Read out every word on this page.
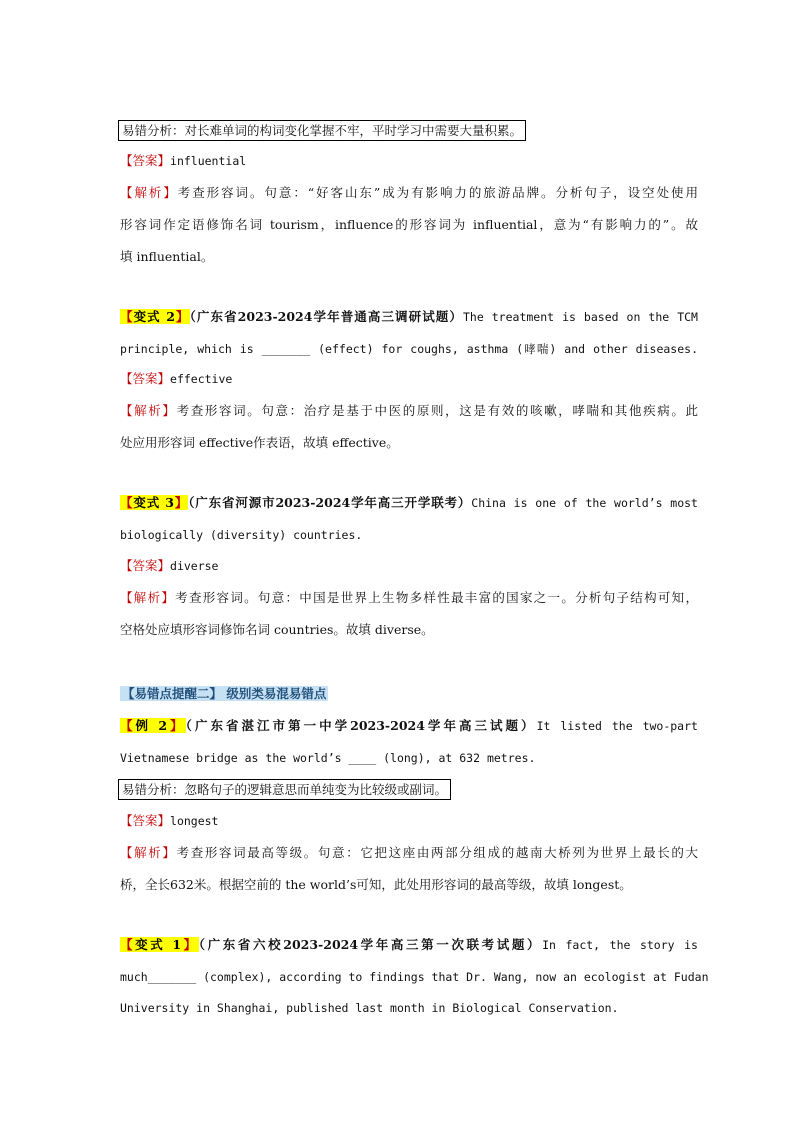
易错分析：对长难单词的构词变化掌握不牢，平时学习中需要大量积累。
【答案】influential
【解析】考查形容词。句意：“好客山东”成为有影响力的旅游品牌。分析句子，设空处使用
形容词作定语修饰名词 tourism，influence的形容词为 influential，意为“有影响力的”。故
填 influential。
【变式 2】（广东省2023-2024学年普通高三调研试题）The treatment is based on the TCM
principle, which is _______ (effect) for coughs, asthma (哮喘) and other diseases.
【答案】effective
【解析】考查形容词。句意：治疗是基于中医的原则，这是有效的咳嗽，哮喘和其他疾病。此
处应用形容词 effective作表语，故填 effective。
【变式 3】（广东省河源市2023-2024学年高三开学联考）China is one of the world’s most
biologically (diversity) countries.
【答案】diverse
【解析】考查形容词。句意：中国是世界上生物多样性最丰富的国家之一。分析句子结构可知，
空格处应填形容词修饰名词 countries。故填 diverse。
【易错点提醒二】 级别类易混易错点
【例 2】（广东省湛江市第一中学2023-2024学年高三试题）It listed the two-part
Vietnamese bridge as the world’s ____ (long), at 632 metres.
易错分析：忽略句子的逻辑意思而单纯变为比较级或副词。
【答案】longest
【解析】考查形容词最高等级。句意：它把这座由两部分组成的越南大桥列为世界上最长的大
桥，全长632米。根据空前的 the world’s可知，此处用形容词的最高等级，故填 longest。
【变式 1】（广东省六校2023-2024学年高三第一次联考试题）In fact, the story is
much_______ (complex), according to findings that Dr. Wang, now an ecologist at Fudan
University in Shanghai, published last month in Biological Conservation.
